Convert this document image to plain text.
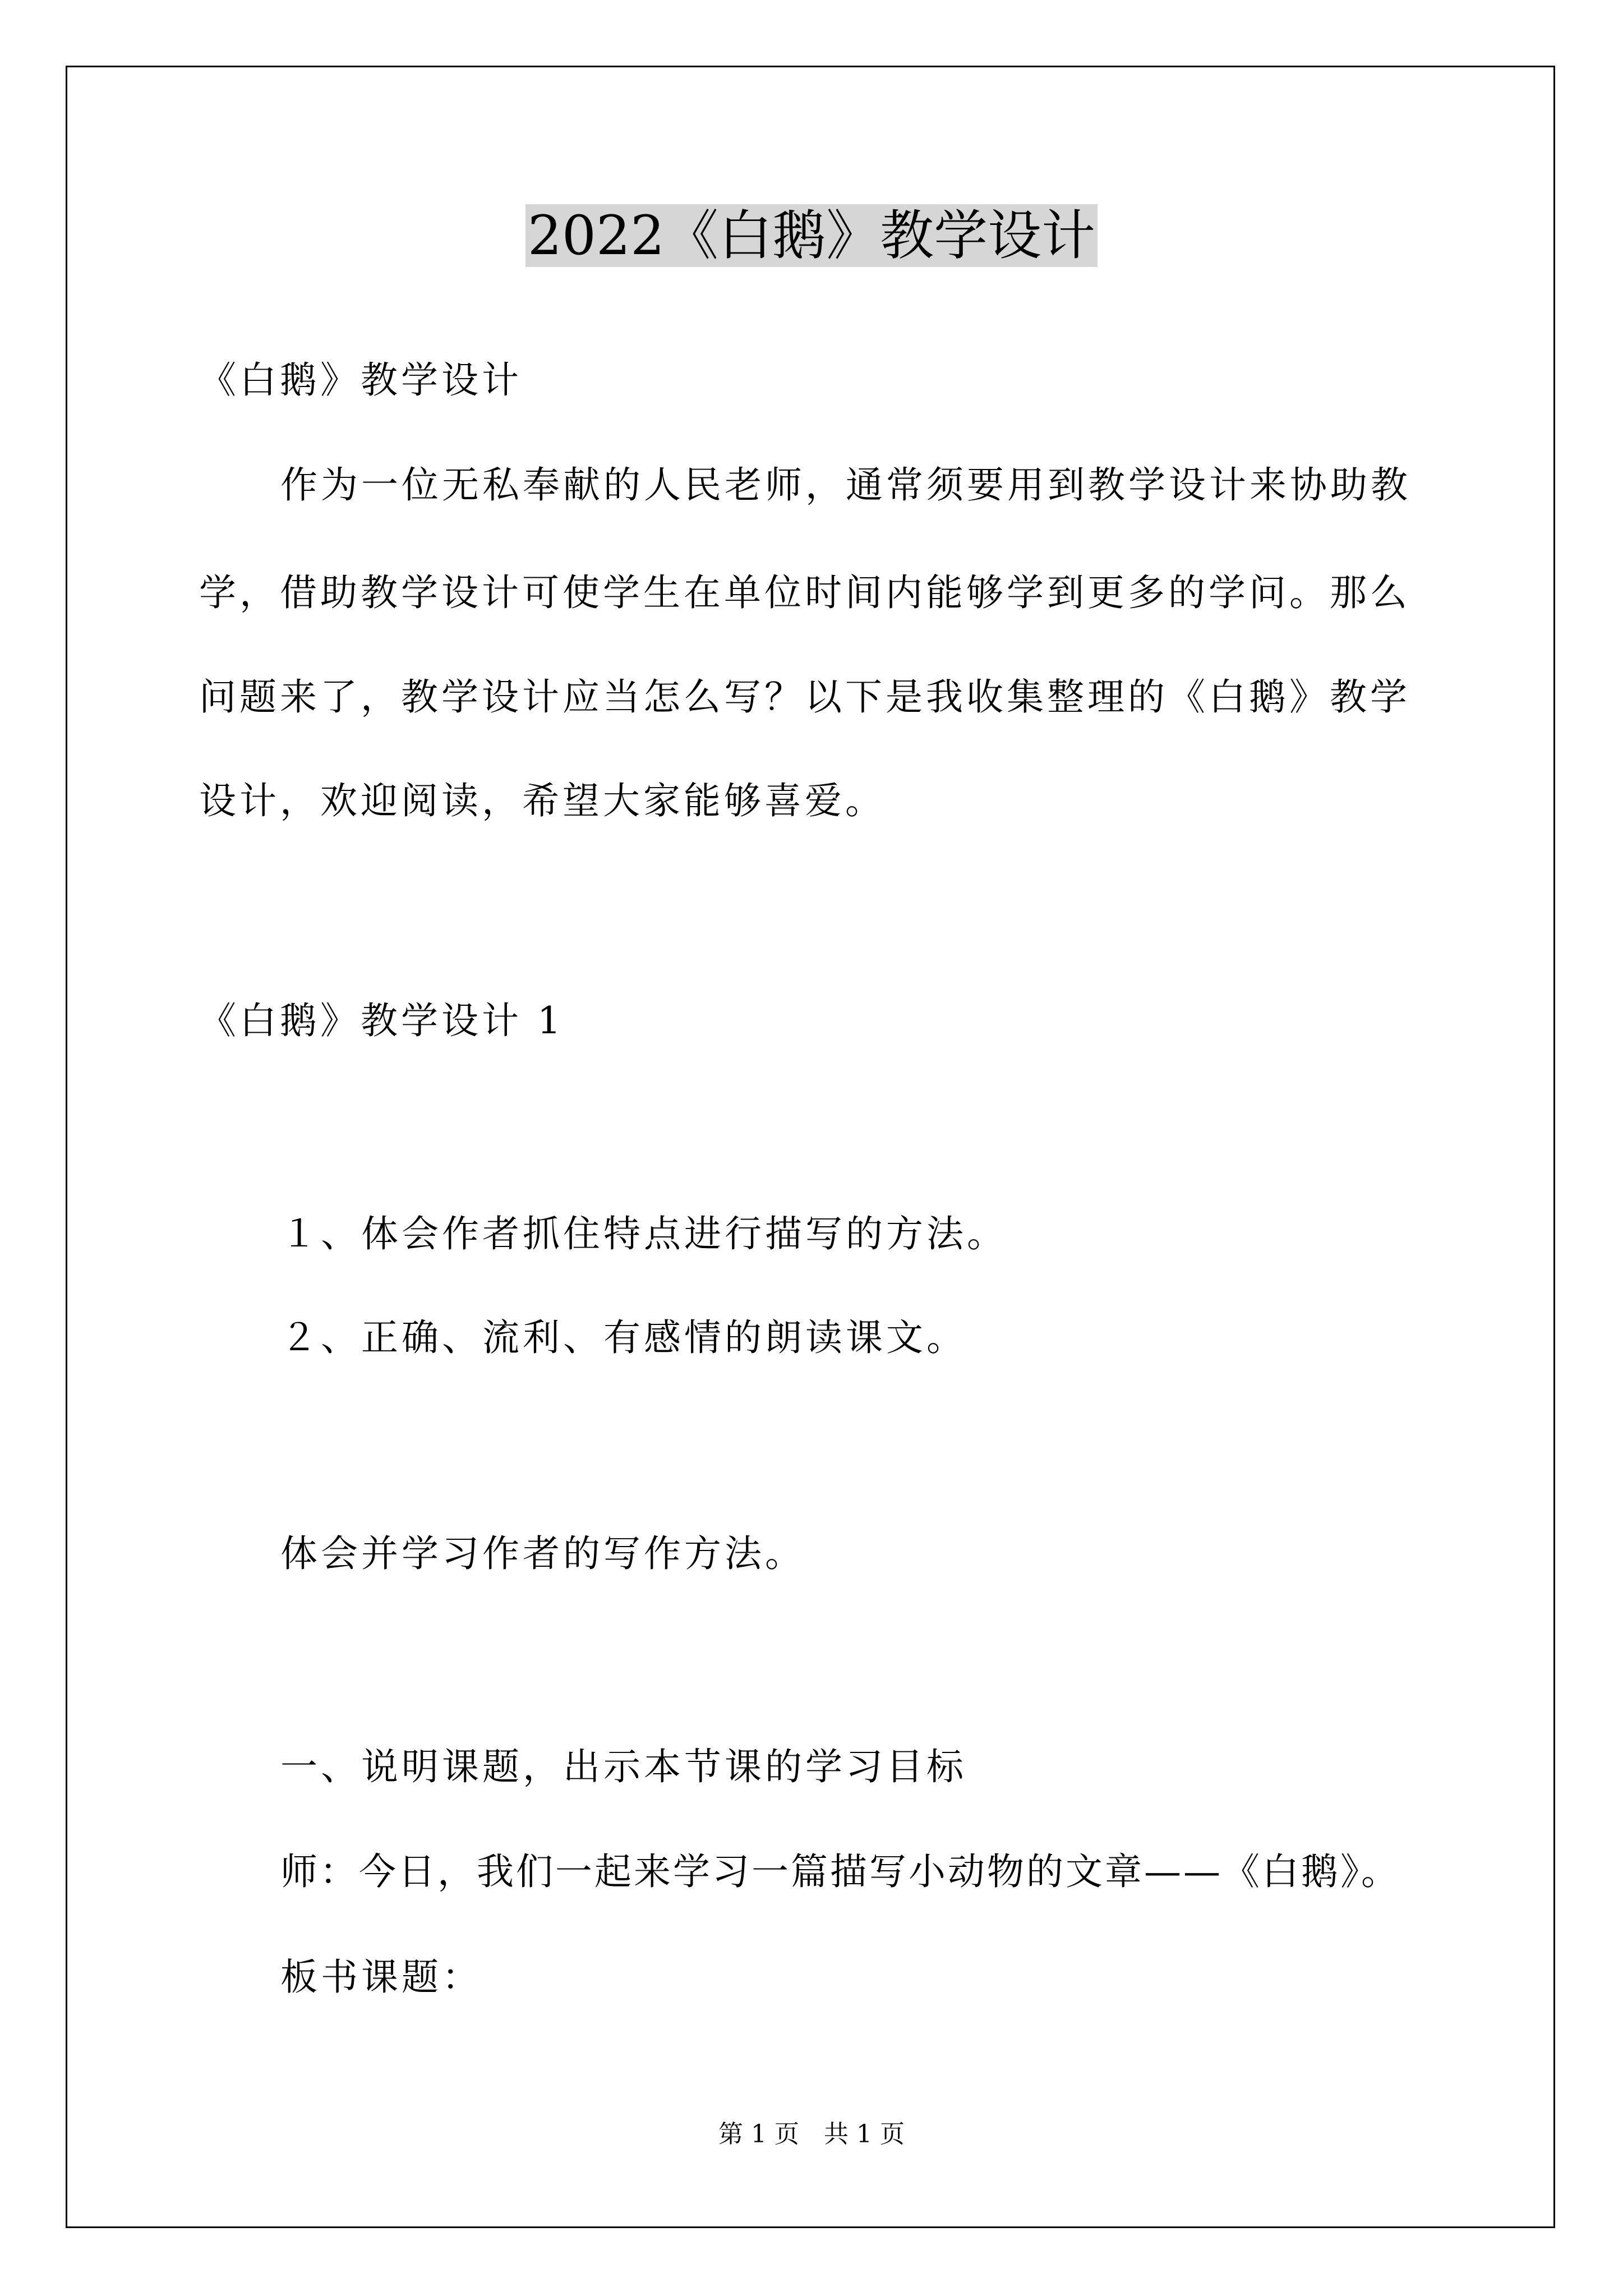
2022《白鹅》教学设计

《白鹅》教学设计

作为一位无私奉献的人民老师，通常须要用到教学设计来协助教

学，借助教学设计可使学生在单位时间内能够学到更多的学问。那么

问题来了，教学设计应当怎么写？以下是我收集整理的《白鹅》教学

设计，欢迎阅读，希望大家能够喜爱。

《白鹅》教学设计 1

１、体会作者抓住特点进行描写的方法。

２、正确、流利、有感情的朗读课文。

体会并学习作者的写作方法。

一、说明课题，出示本节课的学习目标

师：今日，我们一起来学习一篇描写小动物的文章——《白鹅》。

板书课题：

第 1 页　共 1 页
